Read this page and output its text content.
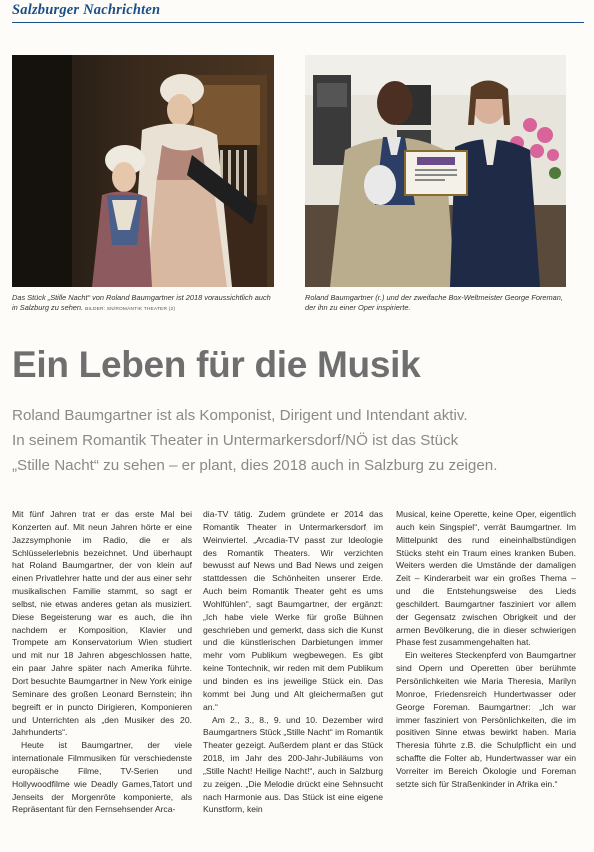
Salzburger Nachrichten
Das Stück „Stille Nacht“ von Roland Baumgartner ist 2018 voraussichtlich auch in Salzburg zu sehen. BILDER: SN/ROMANTIK THEATER (2)
Roland Baumgartner (r.) und der zweifache Box-Weltmeister George Foreman, der ihn zu einer Oper inspirierte.
Ein Leben für die Musik
Roland Baumgartner ist als Komponist, Dirigent und Intendant aktiv.
In seinem Romantik Theater in Untermarkersdorf/NÖ ist das Stück
„Stille Nacht“ zu sehen – er plant, dies 2018 auch in Salzburg zu zeigen.

Mit fünf Jahren trat er das erste Mal bei Konzerten auf. Mit neun Jahren hörte er eine Jazzsymphonie im Radio, die er als Schlüsselerlebnis bezeichnet. Und überhaupt hat Roland Baumgartner, der von klein auf einen Privatlehrer hatte und der aus einer sehr musikalischen Familie stammt, so sagt er selbst, nie etwas anderes getan als musiziert. Diese Begeisterung war es auch, die ihn nachdem er Komposition, Klavier und Trompete am Konservatorium Wien studiert und mit nur 18 Jahren abgeschlossen hatte, ein paar Jahre später nach Amerika führte. Dort besuchte Baumgartner in New York einige Seminare des großen Leonard Bernstein; ihn begreift er in puncto Dirigieren, Komponieren und Unterrichten als „den Musiker des 20. Jahrhunderts“.

Heute ist Baumgartner, der viele internationale Filmmusiken für verschiedenste europäische Filme, TV-Serien und Hollywoodfilme wie Deadly Games,Tatort und Jenseits der Morgenröte komponierte, als Repräsentant für den Fernsehsender Arca-

dia-TV tätig. Zudem gründete er 2014 das Romantik Theater in Untermarkersdorf im Weinviertel. „Arcadia-TV passt zur Ideologie des Romantik Theaters. Wir verzichten bewusst auf News und Bad News und zeigen stattdessen die Schönheiten unserer Erde. Auch beim Romantik Theater geht es ums Wohlfühlen“, sagt Baumgartner, der ergänzt: „Ich habe viele Werke für große Bühnen geschrieben und gemerkt, dass sich die Kunst und die künstlerischen Darbietungen immer mehr vom Publikum wegbewegen. Es gibt keine Tontechnik, wir reden mit dem Publikum und binden es ins jeweilige Stück ein. Das kommt bei Jung und Alt gleichermaßen gut an.“

Am 2., 3., 8., 9. und 10. Dezember wird Baumgartners Stück „Stille Nacht“ im Romantik Theater gezeigt. Außerdem plant er das Stück 2018, im Jahr des 200-Jahr-Jubiläums von „Stille Nacht! Heilige Nacht!“, auch in Salzburg zu zeigen. „Die Melodie drückt eine Sehnsucht nach Harmonie aus. Das Stück ist eine eigene Kunstform, kein

Musical, keine Operette, keine Oper, eigentlich auch kein Singspiel“, verrät Baumgartner. Im Mittelpunkt des rund eineinhalbstündigen Stücks steht ein Traum eines kranken Buben. Weiters werden die Umstände der damaligen Zeit – Kinderarbeit war ein großes Thema – und die Entstehungsweise des Lieds geschildert. Baumgartner fasziniert vor allem der Gegensatz zwischen Obrigkeit und der armen Bevölkerung, die in dieser schwierigen Phase fest zusammengehalten hat.

Ein weiteres Steckenpferd von Baumgartner sind Opern und Operetten über berühmte Persönlichkeiten wie Maria Theresia, Marilyn Monroe, Friedensreich Hundertwasser oder George Foreman. Baumgartner: „Ich war immer fasziniert von Persönlichkeiten, die im positiven Sinne etwas bewirkt haben. Maria Theresia führte z.B. die Schulpflicht ein und schaffte die Folter ab, Hundertwasser war ein Vorreiter im Bereich Ökologie und Foreman setzte sich für Straßenkinder in Afrika ein.“
